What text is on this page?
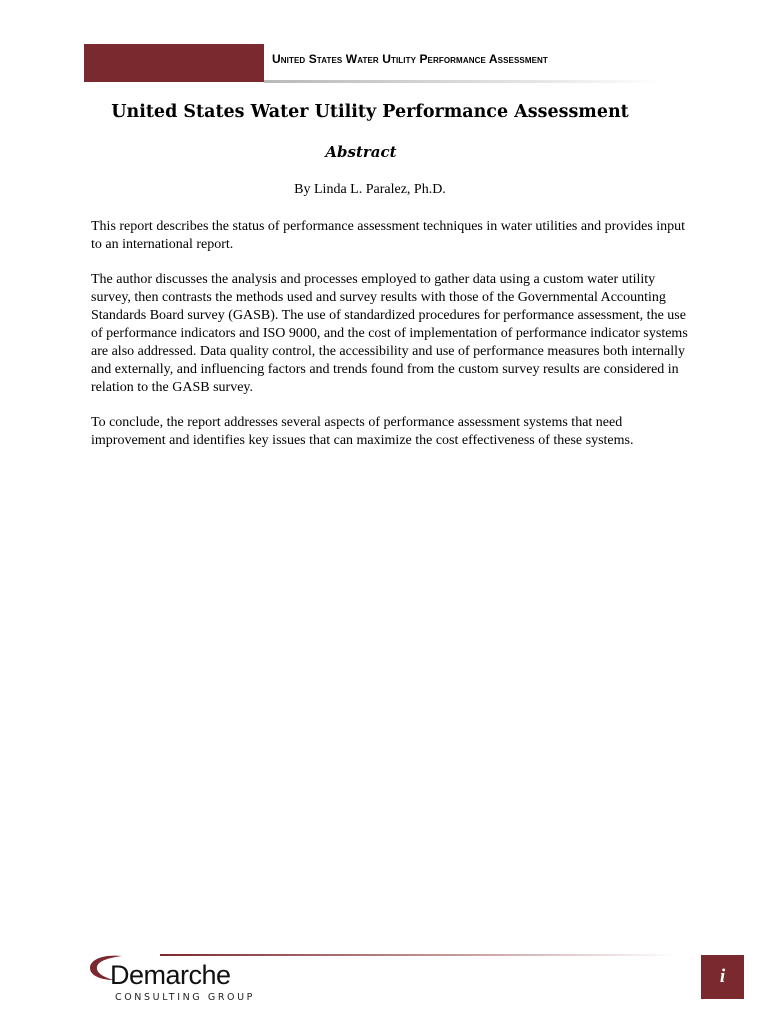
United States Water Utility Performance Assessment
United States Water Utility Performance Assessment
Abstract

By Linda L. Paralez, Ph.D.

This report describes the status of performance assessment techniques in water utilities and provides input to an international report.

The author discusses the analysis and processes employed to gather data using a custom water utility survey, then contrasts the methods used and survey results with those of the Governmental Accounting Standards Board survey (GASB). The use of standardized procedures for performance assessment, the use of performance indicators and ISO 9000, and the cost of implementation of performance indicator systems are also addressed. Data quality control, the accessibility and use of performance measures both internally and externally, and influencing factors and trends found from the custom survey results are considered in relation to the GASB survey.

To conclude, the report addresses several aspects of performance assessment systems that need improvement and identifies key issues that can maximize the cost effectiveness of these systems.

Demarche
CONSULTING GROUP
i
